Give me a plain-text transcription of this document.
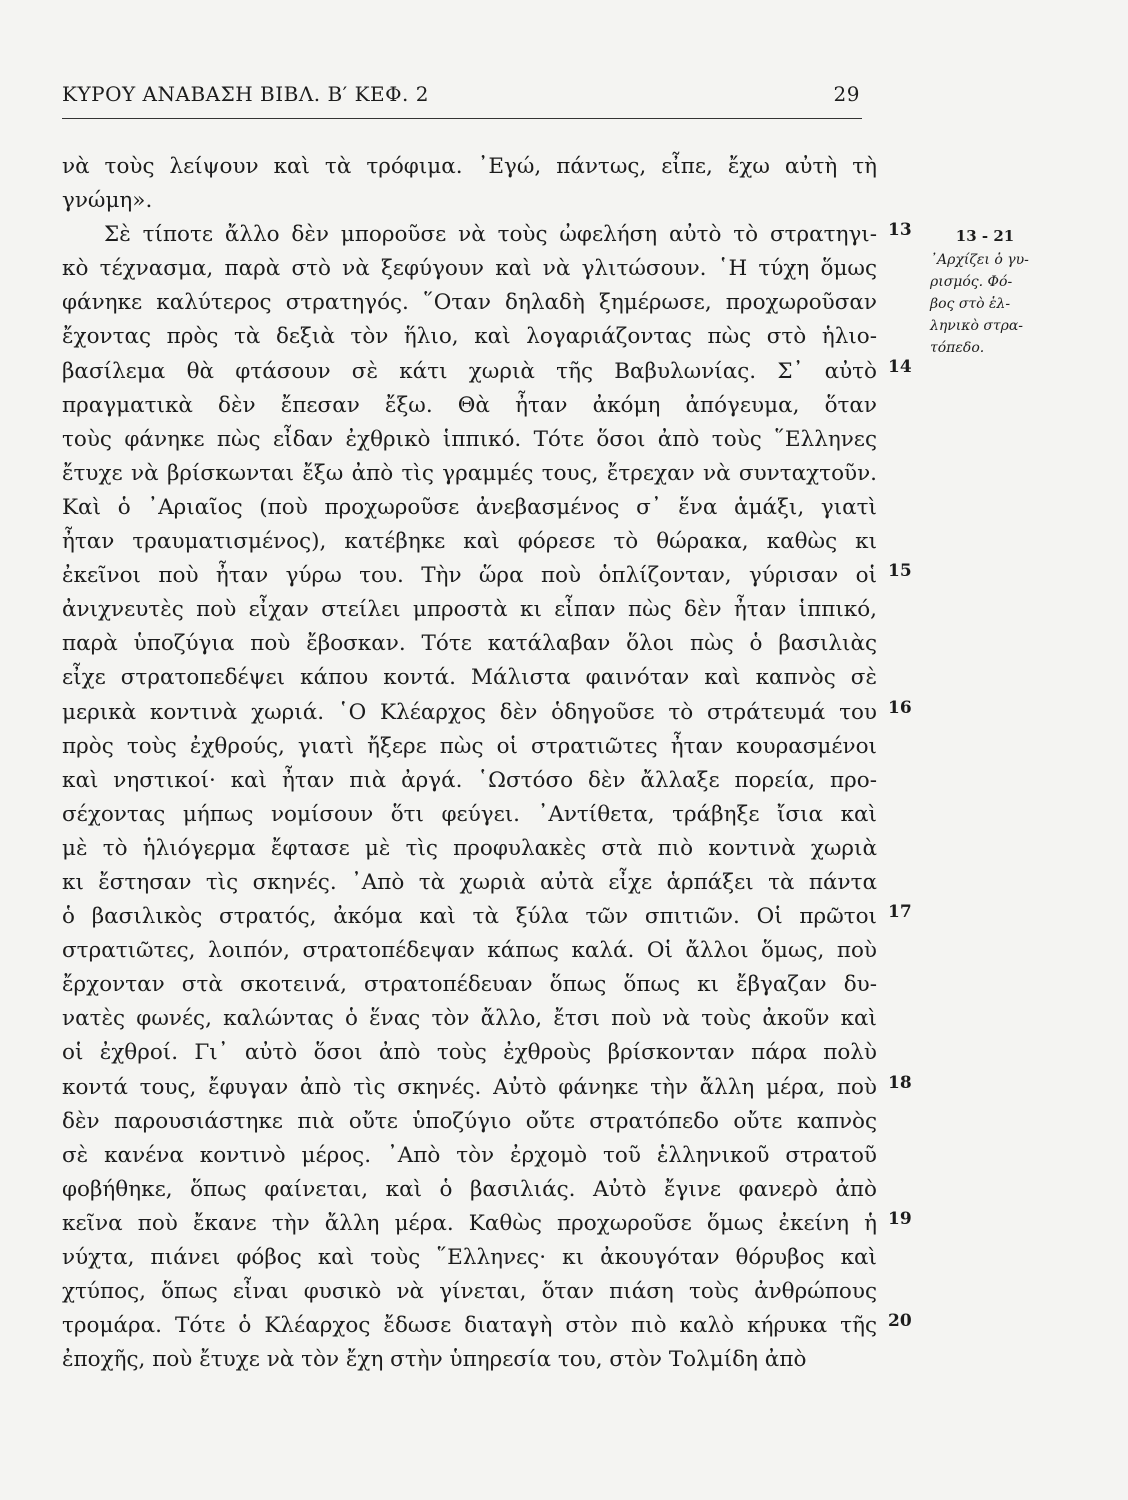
ΚΥΡΟΥ ΑΝΑΒΑΣΗ ΒΙΒΛ. Β′ ΚΕΦ. 2	29
νὰ τοὺς λείψουν καὶ τὰ τρόφιμα. ᾿Εγώ, πάντως, εἶπε, ἔχω αὐτὴ τὴ
γνώμη».
Σὲ τίποτε ἄλλο δὲν μποροῦσε νὰ τοὺς ὠφελήση αὐτὸ τὸ στρατηγι-
κὸ τέχνασμα, παρὰ στὸ νὰ ξεφύγουν καὶ νὰ γλιτώσουν. ῾Η τύχη ὅμως
φάνηκε καλύτερος στρατηγός. ῞Οταν δηλαδὴ ξημέρωσε, προχωροῦσαν
ἔχοντας πρὸς τὰ δεξιὰ τὸν ἥλιο, καὶ λογαριάζοντας πὼς στὸ ἡλιο-
βασίλεμα θὰ φτάσουν σὲ κάτι χωριὰ τῆς Βαβυλωνίας. Σ᾿ αὐτὸ
πραγματικὰ δὲν ἔπεσαν ἔξω. Θὰ ἦταν ἀκόμη ἀπόγευμα, ὅταν
τοὺς φάνηκε πὼς εἶδαν ἐχθρικὸ ἱππικό. Τότε ὅσοι ἀπὸ τοὺς ῞Ελληνες
ἔτυχε νὰ βρίσκωνται ἔξω ἀπὸ τὶς γραμμές τους, ἔτρεχαν νὰ συνταχτοῦν.
Καὶ ὁ ᾿Αριαῖος (ποὺ προχωροῦσε ἀνεβασμένος σ᾿ ἕνα ἁμάξι, γιατὶ
ἦταν τραυματισμένος), κατέβηκε καὶ φόρεσε τὸ θώρακα, καθὼς κι
ἐκεῖνοι ποὺ ἦταν γύρω του. Τὴν ὥρα ποὺ ὁπλίζονταν, γύρισαν οἱ
ἀνιχνευτὲς ποὺ εἶχαν στείλει μπροστὰ κι εἶπαν πὼς δὲν ἦταν ἱππικό,
παρὰ ὑποζύγια ποὺ ἔβοσκαν. Τότε κατάλαβαν ὅλοι πὼς ὁ βασιλιὰς
εἶχε στρατοπεδέψει κάπου κοντά. Μάλιστα φαινόταν καὶ καπνὸς σὲ
μερικὰ κοντινὰ χωριά. ῾Ο Κλέαρχος δὲν ὁδηγοῦσε τὸ στράτευμά του
πρὸς τοὺς ἐχθρούς, γιατὶ ἤξερε πὼς οἱ στρατιῶτες ἦταν κουρασμένοι
καὶ νηστικοί· καὶ ἦταν πιὰ ἀργά. ῾Ωστόσο δὲν ἄλλαξε πορεία, προ-
σέχοντας μήπως νομίσουν ὅτι φεύγει. ᾿Αντίθετα, τράβηξε ἴσια καὶ
μὲ τὸ ἡλιόγερμα ἔφτασε μὲ τὶς προφυλακὲς στὰ πιὸ κοντινὰ χωριὰ
κι ἔστησαν τὶς σκηνές. ᾿Απὸ τὰ χωριὰ αὐτὰ εἶχε ἁρπάξει τὰ πάντα
ὁ βασιλικὸς στρατός, ἀκόμα καὶ τὰ ξύλα τῶν σπιτιῶν. Οἱ πρῶτοι
στρατιῶτες, λοιπόν, στρατοπέδεψαν κάπως καλά. Οἱ ἄλλοι ὅμως, ποὺ
ἔρχονταν στὰ σκοτεινά, στρατοπέδευαν ὅπως ὅπως κι ἔβγαζαν δυ-
νατὲς φωνές, καλώντας ὁ ἕνας τὸν ἄλλο, ἔτσι ποὺ νὰ τοὺς ἀκοῦν καὶ
οἱ ἐχθροί. Γι᾿ αὐτὸ ὅσοι ἀπὸ τοὺς ἐχθροὺς βρίσκονταν πάρα πολὺ
κοντά τους, ἔφυγαν ἀπὸ τὶς σκηνές. Αὐτὸ φάνηκε τὴν ἄλλη μέρα, ποὺ
δὲν παρουσιάστηκε πιὰ οὔτε ὑποζύγιο οὔτε στρατόπεδο οὔτε καπνὸς
σὲ κανένα κοντινὸ μέρος. ᾿Απὸ τὸν ἐρχομὸ τοῦ ἑλληνικοῦ στρατοῦ
φοβήθηκε, ὅπως φαίνεται, καὶ ὁ βασιλιάς. Αὐτὸ ἔγινε φανερὸ ἀπὸ
κεῖνα ποὺ ἔκανε τὴν ἄλλη μέρα. Καθὼς προχωροῦσε ὅμως ἐκείνη ἡ
νύχτα, πιάνει φόβος καὶ τοὺς ῞Ελληνες· κι ἀκουγόταν θόρυβος καὶ
χτύπος, ὅπως εἶναι φυσικὸ νὰ γίνεται, ὅταν πιάση τοὺς ἀνθρώπους
τρομάρα. Τότε ὁ Κλέαρχος ἔδωσε διαταγὴ στὸν πιὸ καλὸ κήρυκα τῆς
ἐποχῆς, ποὺ ἔτυχε νὰ τὸν ἔχη στὴν ὑπηρεσία του, στὸν Τολμίδη ἀπὸ
13
14
15
16
17
18
19
20
13 - 21
᾿Αρχίζει ὁ γυ-
ρισμός. Φό-
βος στὸ ἑλ-
ληνικὸ στρα-
τόπεδο.
